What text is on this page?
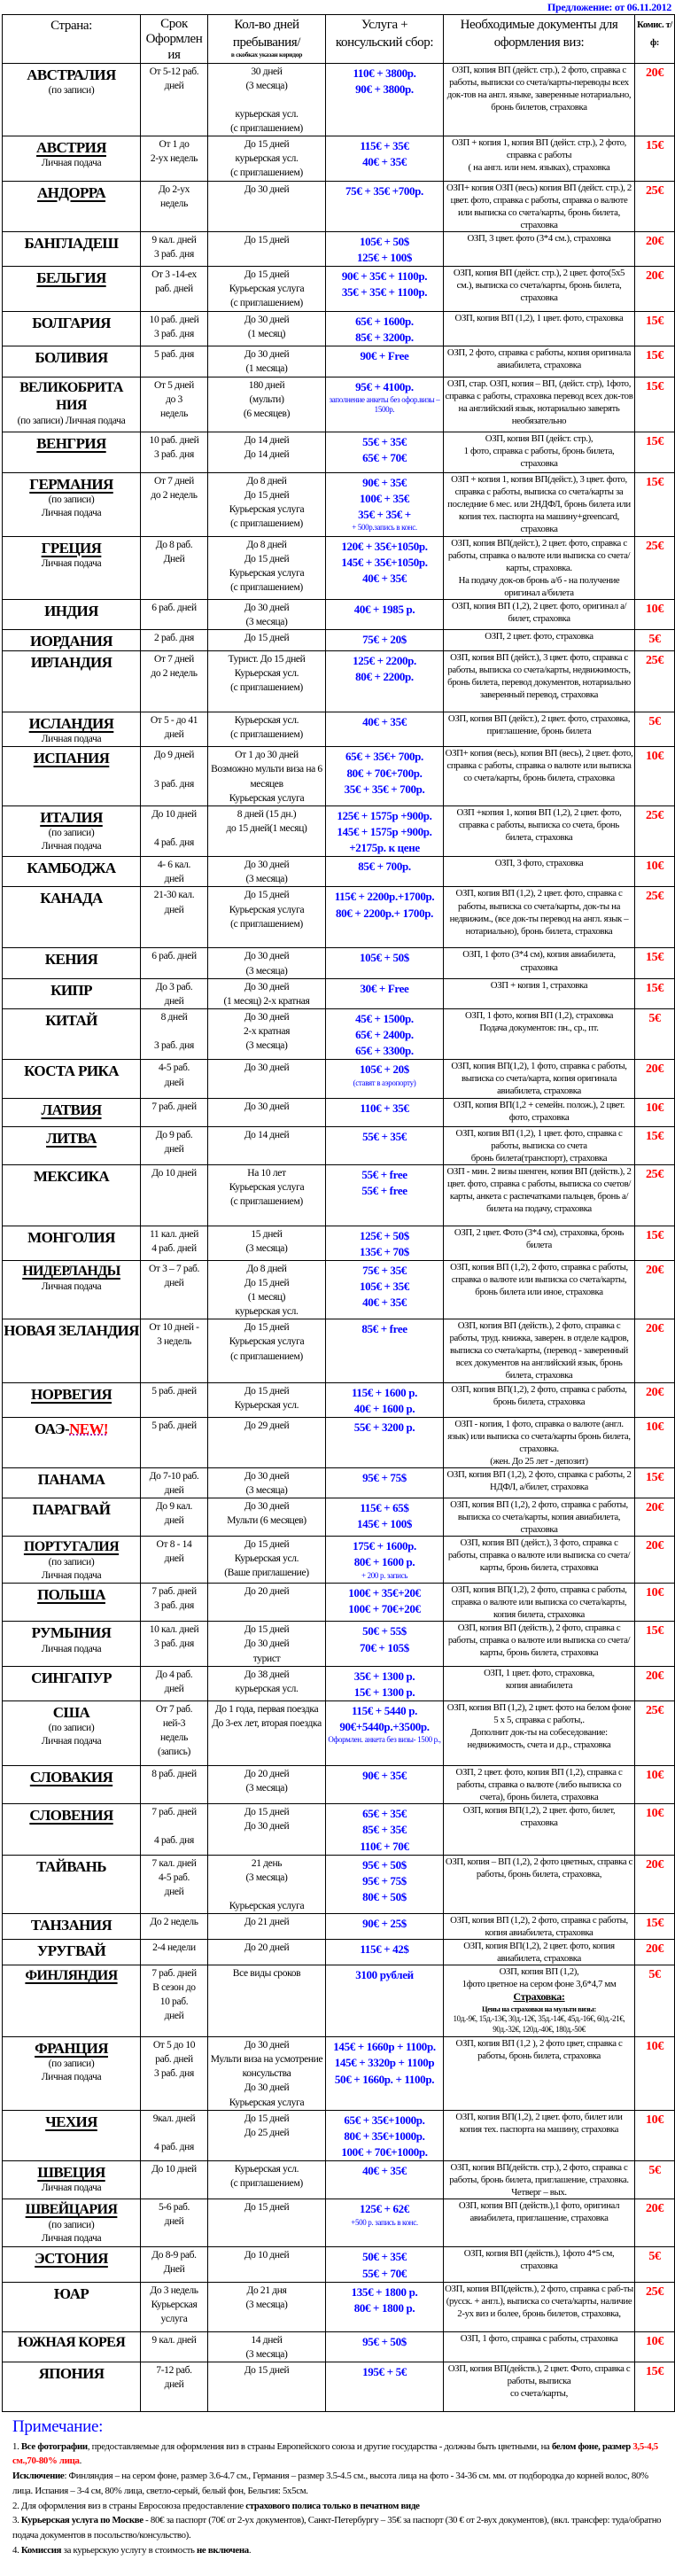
Предложение: от 06.11.2012
Страна:	Срок Оформлен ия	Кол-во дней пребывания/
в скобках указан коридор	Услуга + консульский сбор:	Необходимые документы для оформления виз:	Комис. т/ф:

АВСТРАЛИЯ
(по записи)	От 5-12 раб. дней	30 дней
(3 месяца)

курьерская усл.
(с приглашением)	110€ + 3800р.
90€ + 3800р.	ОЗП, копия ВП (дейст. стр.), 2 фото, справка с работы, выписки со счета/карты-переводы всех док-тов на англ. языке, заверенные нотариально, бронь билетов, страховка	20€

АВСТРИЯ
Личная подача	От 1 до
2-ух недель	До 15 дней
курьерская усл.
(с приглашением)	115€ + 35€
40€ + 35€	ОЗП + копия 1, копия ВП (дейст. стр.), 2 фото, справка с работы
( на англ. или нем. языках), страховка	15€

АНДОРРА	До 2-ух
недель	До 30 дней	75€ + 35€ +700р.	ОЗП+ копия ОЗП (весь) копия ВП (дейст. стр.), 2 цвет. фото, справка с работы, справка о валюте или выписка со счета/карты, бронь билета, страховка	25€

БАНГЛАДЕШ	9 кал. дней
3 раб. дня	До 15 дней	105€ + 50$
125€ + 100$	ОЗП, 3 цвет. фото (3*4 см.), страховка	20€

БЕЛЬГИЯ	От 3 -14-ех
раб. дней	До 15 дней
Курьерская услуга
(с приглашением)	90€ + 35€ + 1100р.
35€ + 35€ + 1100р.	ОЗП, копия ВП (дейст. стр.), 2 цвет. фото(5х5 см.), выписка со счета/карты, бронь билета, страховка	20€

БОЛГАРИЯ	10 раб. дней
3 раб. дня	До 30 дней
(1 месяц)	65€ + 1600р.
85€ + 3200р.	ОЗП, копия ВП (1,2), 1 цвет. фото, страховка	15€

БОЛИВИЯ	5 раб. дня	До 30 дней
(1 месяца)	90€ + Free	ОЗП, 2 фото, справка с работы, копия оригинала авиабилета, страховка	15€

ВЕЛИКОБРИТА НИЯ
(по записи) Личная подача	От 5 дней
до 3
недель	180 дней
(мульти)
(6 месяцев)	95€ + 4100р.
заполнение анкеты без офор.визы – 1500р.	ОЗП, стар. ОЗП, копия – ВП, (дейст. стр), 1фото, справка с работы, страховка перевод всех док-тов на английский язык, нотариально заверять необязательно	15€

ВЕНГРИЯ	10 раб. дней
3 раб. дня	До 14 дней
До 14 дней	55€ + 35€
65€ + 70€	ОЗП, копия ВП (дейст. стр.),
1 фото, справка с работы, бронь билета, страховка	15€

ГЕРМАНИЯ
(по записи)
Личная подача	От 7 дней
до 2 недель	До 8 дней
До 15 дней
Курьерская услуга
(с приглашением)	90€ + 35€
100€ + 35€
35€ + 35€ +
+ 500р.запись в конс.	ОЗП + копия 1, копия ВП(дейст.), 3 цвет. фото, справка с работы, выписка со счета/карты за последние 6 мес. или 2НДФЛ, бронь билета или копия тех. паспорта на машину+greencard, страховка	15€

ГРЕЦИЯ
Личная подача	До 8 раб.
Дней	До 8 дней
До 15 дней
Курьерская услуга
(с приглашением)	120€ + 35€+1050р.
145€ + 35€+1050р.
40€ + 35€	ОЗП, копия ВП(дейст.), 2 цвет. фото, справка с работы, справка о валюте или выписка со счета/карты, страховка.
На подачу док-ов бронь а/б - на получение оригинал а/билета	25€

ИНДИЯ	6 раб. дней	До 30 дней
(3 месяца)	40€ + 1985 р.	ОЗП, копия ВП (1,2), 2 цвет. фото, оригинал а/билет, страховка	10€

ИОРДАНИЯ	2 раб. дня	До 15 дней	75€ + 20$	ОЗП, 2 цвет. фото, страховка	5€

ИРЛАНДИЯ	От 7 дней
до 2 недель	Турист. До 15 дней
Курьерская усл.
(с приглашением)	125€ + 2200р.
80€ + 2200р.	ОЗП, копия ВП (дейст.), 3 цвет. фото, справка с работы, выписка со счета/карты, недвижимость, бронь билета, перевод документов, нотариально заверенный перевод, страховка	25€

ИСЛАНДИЯ
Личная подача	От 5 - до 41
дней	Курьерская усл.
(с приглашением)	40€ + 35€	ОЗП, копия ВП (дейст.), 2 цвет. фото, страховка, приглашение, бронь билета	5€

ИСПАНИЯ	До 9 дней

3 раб. дня	От 1 до 30 дней
Возможно мульти виза на 6 месяцев
Курьерская услуга	65€ + 35€+ 700р.
80€ + 70€+700р.
35€ + 35€ + 700р.	ОЗП+ копия (весь), копия ВП (весь), 2 цвет. фото, справка с работы, справка о валюте или выписка со счета/карты, бронь билета, страховка	10€

ИТАЛИЯ
(по записи)
Личная подача	До 10 дней

4 раб. дня	8 дней (15 дн.)
до 15 дней(1 месяц)	125€ + 1575р +900р.
145€ + 1575р +900р.
+2175р. к цене	ОЗП +копия 1, копия ВП (1,2), 2 цвет. фото, справка с работы, выписка со счета, бронь билета, страховка	25€

КАМБОДЖА	4- 6 кал.
дней	До 30 дней
(3 месяца)	85€ + 700р.	ОЗП, 3 фото, страховка	10€

КАНАДА	21-30 кал.
дней	До 15 дней
Курьерская услуга
(с приглашением)	115€ + 2200р.+1700р.
80€ + 2200р.+ 1700р.	ОЗП, копия ВП (1,2), 2 цвет. фото, справка с работы, выписка со счета/карты, док-ты на недвижим., (все док-ты перевод на англ. язык –нотариально), бронь билета, страховка	25€

КЕНИЯ	6 раб. дней	До 30 дней
(3 месяца)	105€ + 50$	ОЗП, 1 фото (3*4 см), копия авиабилета, страховка	15€

КИПР	До 3 раб.
дней	До 30 дней
(1 месяц) 2-х кратная	30€ + Free	ОЗП + копия 1, страховка	15€

КИТАЙ	8 дней

3 раб. дня	До 30 дней
2-х кратная
(3 месяца)	45€ + 1500р.
65€ + 2400р.
65€ + 3300р.	ОЗП, 1 фото, копия ВП (1,2), страховка
Подача документов: пн., ср., пт.	5€

КОСТА РИКА	4-5 раб.
дней	До 30 дней	105€ + 20$
(ставят в аэропорту)	ОЗП, копия ВП(1,2), 1 фото, справка с работы, выписка со счета/карта, копия оригинала авиабилета, страховка	20€

ЛАТВИЯ	7 раб. дней	До 30 дней	110€ + 35€	ОЗП, копия ВП(1,2 + семейн. полож.), 2 цвет. фото, страховка	10€

ЛИТВА	До 9 раб.
дней	До 14 дней	55€ + 35€	ОЗП, копия ВП (1,2), 1 цвет. фото, справка с работы, выписка со счета
бронь билета(транспорт), страховка	15€

МЕКСИКА	До 10 дней	На 10 лет
Курьерская услуга
(с приглашением)	55€ + free
55€ + free	ОЗП - мин. 2 визы шенген, копия ВП (действ.), 2 цвет. фото, справка с работы, выписка со счетов/карты, анкета с распечатками пальцев, бронь а/билета на подачу, страховка	25€

МОНГОЛИЯ	11 кал. дней
4 раб. дней	15 дней
(3 месяца)	125€ + 50$
135€ + 70$	ОЗП, 2 цвет. Фото (3*4 см), страховка, бронь билета	15€

НИДЕРЛАНДЫ
Личная подача	От 3 – 7 раб.
дней	До 8 дней
До 15 дней
(1 месяц)
курьерская усл.	75€ + 35€
105€ + 35€
40€ + 35€	ОЗП, копия ВП (1,2), 2 фото, справка с работы, справка о валюте или выписка со счета/карты, бронь билета или иное, страховка	20€

НОВАЯ ЗЕЛАНДИЯ	От 10 дней -
3 недель	До 15 дней
Курьерская услуга
(с приглашением)	85€ + free	ОЗП, копия ВП (действ.), 2 фото, справка с работы, труд. книжка, заверен. в отделе кадров, выписка со счета/карты, (перевод - заверенный всех документов на английский язык, бронь билета, страховка	20€

НОРВЕГИЯ	5 раб. дней	До 15 дней
Курьерская усл.	115€ + 1600 р.
40€ + 1600 р.	ОЗП, копия ВП(1,2), 2 фото, справка с работы, бронь билета, страховка	20€

ОАЭ-NEW!	5 раб. дней	До 29 дней	55€ + 3200 р.	ОЗП - копия, 1 фото, справка о валюте (англ. язык) или выписка со счета/карты бронь билета, страховка.
(жен. До 25 лет - депозит)	10€

ПАНАМА	До 7-10 раб.
дней	До 30 дней
(3 месяца)	95€ + 75$	ОЗП, копия ВП (1,2), 2 фото, справка с работы, 2 НДФЛ, а/билет, страховка	15€

ПАРАГВАЙ	До 9 кал.
дней	До 30 дней
Мульти (6 месяцев)	115€ + 65$
145€ + 100$	ОЗП, копия ВП (1,2), 2 фото, справка с работы, выписка со счета/карты, копия авиабилета, страховка	20€

ПОРТУГАЛИЯ
(по записи)
Личная подача	От 8 - 14
дней	До 15 дней
Курьерская усл.
(Ваше приглашение)	175€ + 1600р.
80€ + 1600 р.
+ 200 р. запись	ОЗП, копия ВП (дейст.), 3 фото, справка с работы, справка о валюте или выписка со счета/карты, бронь билета, страховка	20€

ПОЛЬША	7 раб. дней
3 раб. дня	До 20 дней	100€ + 35€+20€
100€ + 70€+20€	ОЗП, копия ВП(1,2), 2 фото, справка с работы, справка о валюте или выписка со счета/карты, копия билета, страховка	10€

РУМЫНИЯ
Личная подача	10 кал. дней
3 раб. дня	До 15 дней
До 30 дней
турист	50€ + 55$
70€ + 105$	ОЗП, копия ВП (действ.), 2 фото, справка с работы, справка о валюте или выписка со счета/карты, бронь билета, страховка	15€

СИНГАПУР	До 4 раб.
дней	До 38 дней
курьерская усл.	35€ + 1300 р.
15€ + 1300 р.	ОЗП, 1 цвет. фото, страховка,
копия авиабилета	20€

США
(по записи)
Личная подача	От 7 раб.
ней-3
недель
(запись)	До 1 года, первая поездка
До 3-ех лет, вторая поездка	115€ + 5440 р.
90€+5440р.+3500р.
Оформлен. анкета без визы- 1500 р.,	ОЗП, копия ВП (1,2), 2 цвет. фото на белом фоне 5 х 5, справка с работы,.
Дополнит док-ты на собеседование: недвижимость, счета и д.р., страховка	25€

СЛОВАКИЯ	8 раб. дней	До 20 дней
(3 месяца)	90€ + 35€	ОЗП, 2 цвет. фото, копия ВП (1,2), справка с работы, справка о валюте (либо выписка со счета), бронь билета, страховка	10€

СЛОВЕНИЯ	7 раб. дней

4 раб. дня	До 15 дней
До 30 дней	65€ + 35€
85€ + 35€
110€ + 70€	ОЗП, копия ВП(1,2), 2 цвет. фото, билет, страховка	10€

ТАЙВАНЬ	7 кал. дней
4-5 раб.
дней	21 день
(3 месяца)

Курьерская услуга	95€ + 50$
95€ + 75$
80€ + 50$	ОЗП, копия – ВП (1,2), 2 фото цветных, справка с работы, бронь билета, страховка,	20€

ТАНЗАНИЯ	До 2 недель	До 21 дней	90€ + 25$	ОЗП, копия ВП (1,2), 2 фото, справка с работы, копия авиабилета, страховка	15€

УРУГВАЙ	2-4 недели	До 20 дней	115€ + 42$	ОЗП, копия ВП(1,2), 2 цвет. фото, копия авиабилета, страховка	20€

ФИНЛЯНДИЯ	7 раб. дней
В сезон до
10 раб.
дней	Все виды сроков	3100 рублей	ОЗП, копия ВП (1,2),
1фото цветное на сером фоне 3,6*4,7 мм
Страховка:
Цены на страховки на мульти визы:
10д.-9€, 15д.-13€, 30д.-12€, 35д.-14€, 45д.-16€, 60д.-21€, 90д.-32€, 120д.-40€, 180д.-50€	5€

ФРАНЦИЯ
(по записи)
Личная подача	От 5 до 10
раб. дней
3 раб. дня	До 30 дней
Мульти виза на усмотрение консульства
До 30 дней
Курьерская услуга	145€ + 1660р + 1100р.
145€ + 3320р + 1100р
50€ + 1660р. + 1100р.	ОЗП, копия ВП (1,2 ), 2 фото цвет, справка с работы, бронь билета, страховка	10€

ЧЕХИЯ	9кал. дней

4 раб. дня	До 15 дней
До 25 дней	65€ + 35€+1000р.
80€ + 35€+1000р.
100€ + 70€+1000р.	ОЗП, копия ВП(1,2), 2 цвет. фото, билет или копия тех. паспорта на машину, страховка	10€

ШВЕЦИЯ
Личная подача	До 10 дней	Курьерская усл.
(с приглашением)	40€ + 35€	ОЗП, копия ВП(действ. стр.), 2 фото, справка с работы, бронь билета, приглашение, страховка. Четверг – вых.	5€

ШВЕЙЦАРИЯ
(по записи)
Личная подача	5-6 раб.
дней	До 15 дней	125€ + 62€
+500 р. запись в конс.	ОЗП, копия ВП (действ.),1 фото, оригинал авиабилета, приглашение, страховка	20€

ЭСТОНИЯ	До 8-9 раб.
Дней	До 10 дней	50€ + 35€
55€ + 70€	ОЗП, копия ВП (действ.), 1фото 4*5 см, страховка	5€

ЮАР	До 3 недель
Курьерская
услуга	До 21 дня
(3 месяца)	135€ + 1800 р.
80€ + 1800 р.	ОЗП, копия ВП(действ.), 2 фото, справка с раб-ты (русск. + англ.), выписка со счета/карты, наличие 2-ух виз и более, бронь билетов, страховка,	25€

ЮЖНАЯ КОРЕЯ	9 кал. дней	14 дней
(3 месяца)	95€ + 50$	ОЗП, 1 фото, справка с работы, страховка	10€

ЯПОНИЯ	7-12 раб.
дней	До 15 дней	195€ + 5€	ОЗП, копия ВП(действ.), 2 цвет. Фото, справка с работы, выписка
со счета/карты,	15€
Примечание:

1. Все фотографии, предоставляемые для оформления виз в страны Европейского союза и другие государства - должны быть цветными, на белом фоне, размер 3,5-4,5 см.,70-80% лица.

Исключение: Финляндия – на сером фоне, размер 3.6-4.7 см., Германия – размер 3.5-4.5 см., высота лица на фото - 34-36 см. мм. от подбородка до корней волос, 80% лица. Испания – 3-4 см, 80% лица, светло-серый, белый фон, Бельгия: 5х5см.

2. Для оформления виз в страны Евросоюза предоставление страхового полиса только в печатном виде

3. Курьерская услуга по Москве - 80€ за паспорт (70€ от 2-ух документов), Санкт-Петербургу – 35€ за паспорт (30 € от 2-вух документов), (вкл. трансфер: туда/обратно подача документов в посольство/консульство).

4. Комиссия за курьерскую услугу в стоимость не включена.
